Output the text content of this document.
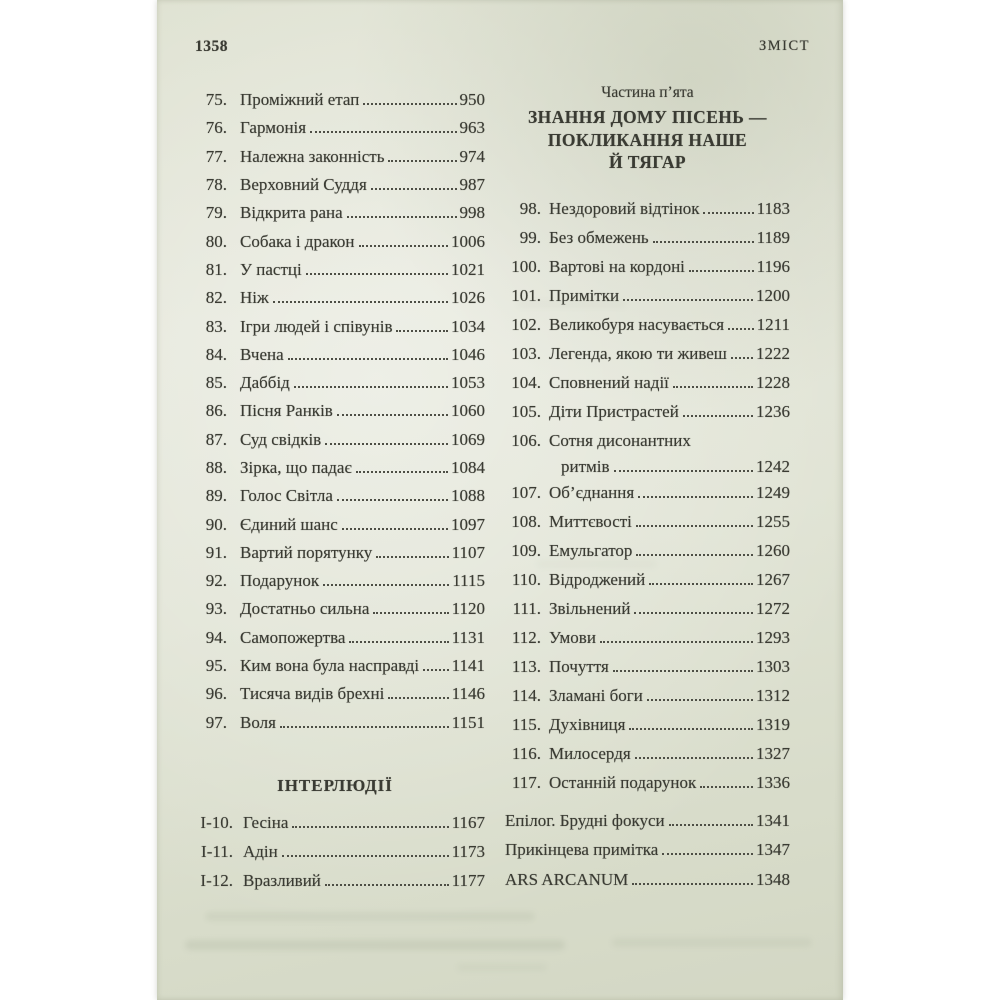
1358	ЗМІСТ
75. Проміжний етап	950
76. Гармонія	963
77. Належна законність	974
78. Верховний Суддя	987
79. Відкрита рана	998
80. Собака і дракон	1006
81. У пастці	1021
82. Ніж	1026
83. Ігри людей і співунів	1034
84. Вчена	1046
85. Даббід	1053
86. Пісня Ранків	1060
87. Суд свідків	1069
88. Зірка, що падає	1084
89. Голос Світла	1088
90. Єдиний шанс	1097
91. Вартий порятунку	1107
92. Подарунок	1115
93. Достатньо сильна	1120
94. Самопожертва	1131
95. Ким вона була насправді 1141
96. Тисяча видів брехні	1146
97. Воля	1151
ІНТЕРЛЮДІЇ
І-10. Гесіна	1167
І-11. Адін	1173
І-12. Вразливий	1177
Частина п’ята
ЗНАННЯ ДОМУ ПІСЕНЬ —
ПОКЛИКАННЯ НАШЕ
Й ТЯГАР
98. Нездоровий відтінок	1183
99. Без обмежень	1189
100. Вартові на кордоні	1196
101. Примітки	1200
102. Великобуря насувається 1211
103. Легенда, якою ти живеш 1222
104. Сповнений надії	1228
105. Діти Пристрастей	1236
106. Сотня дисонантних
ритмів	1242
107. Об’єднання	1249
108. Миттєвості	1255
109. Емульгатор	1260
110. Відроджений	1267
111. Звільнений	1272
112. Умови	1293
113. Почуття	1303
114. Зламані боги	1312
115. Духівниця	1319
116. Милосердя	1327
117. Останній подарунок	1336
Епілог. Брудні фокуси	1341
Прикінцева примітка	1347
ARS ARCANUM	1348
